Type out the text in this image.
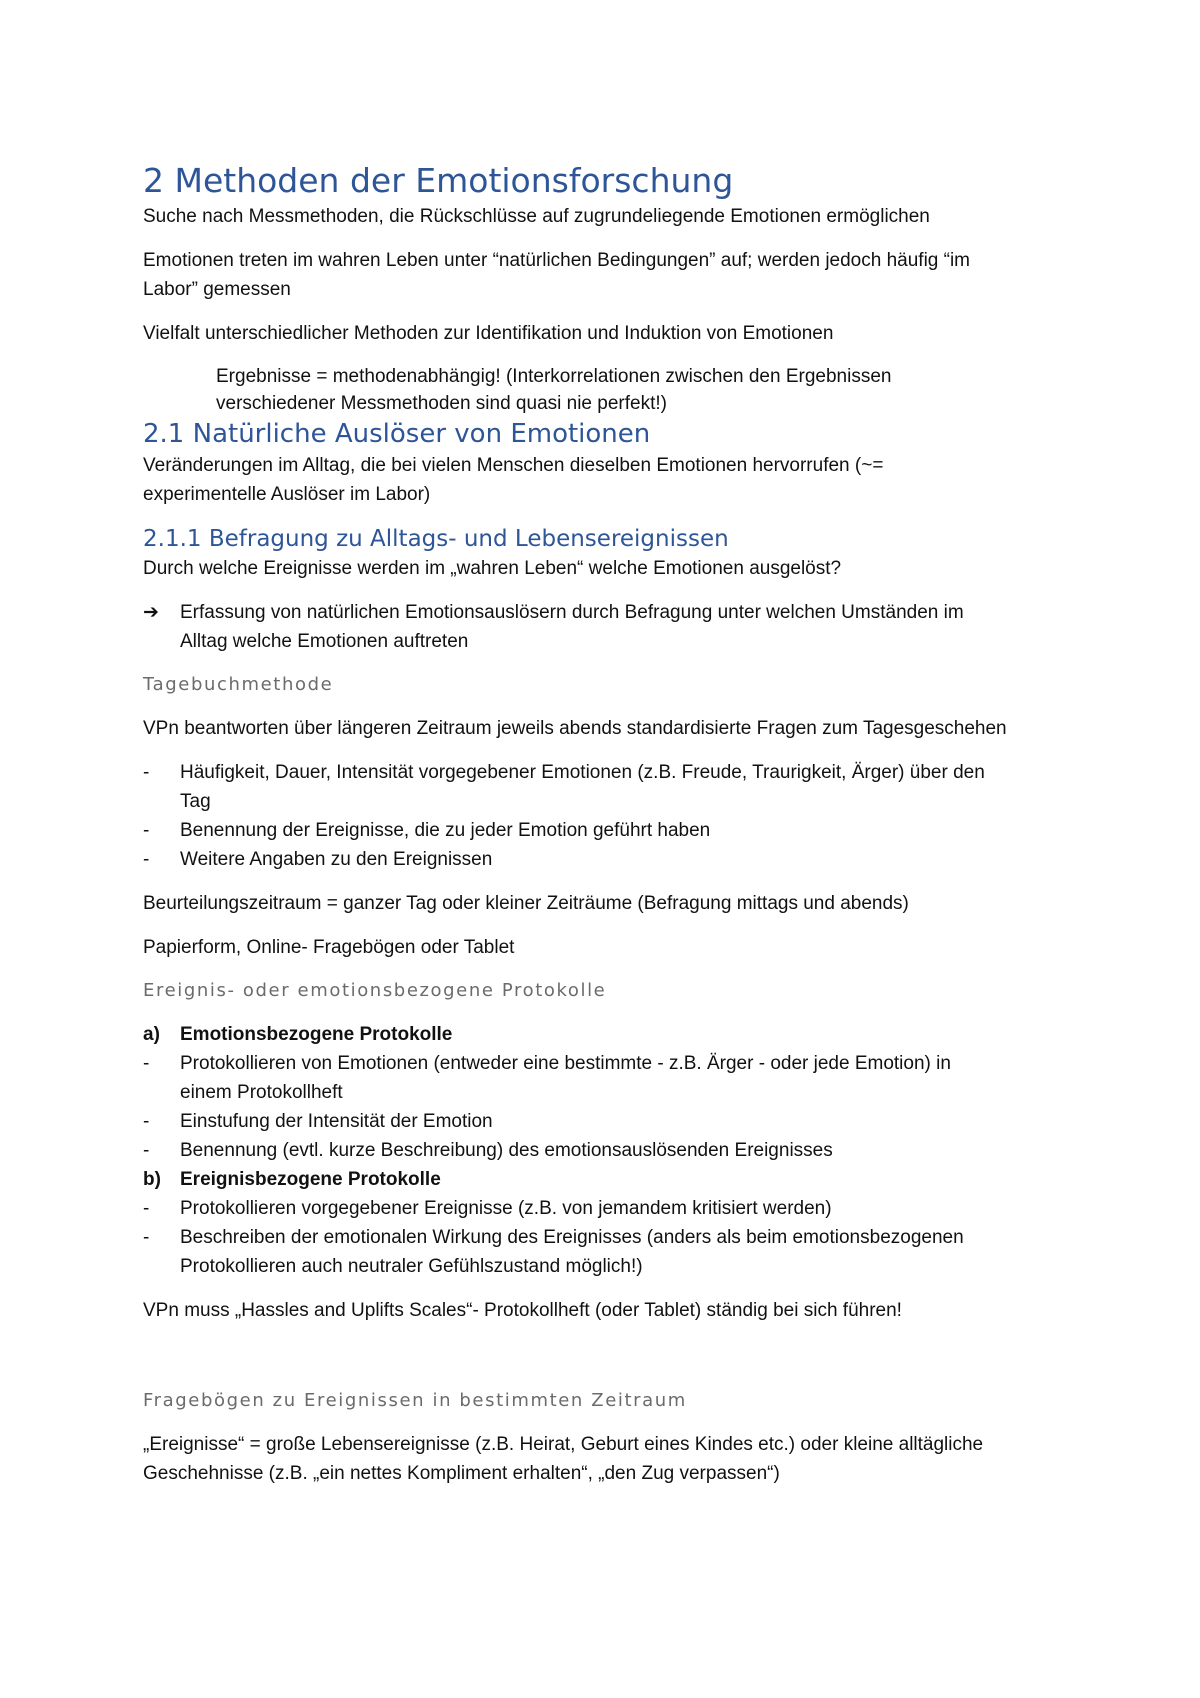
2 Methoden der Emotionsforschung

Suche nach Messmethoden, die Rückschlüsse auf zugrundeliegende Emotionen ermöglichen

Emotionen treten im wahren Leben unter “natürlichen Bedingungen” auf; werden jedoch häufig “im

Labor” gemessen

Vielfalt unterschiedlicher Methoden zur Identifikation und Induktion von Emotionen

Ergebnisse = methodenabhängig! (Interkorrelationen zwischen den Ergebnissen
verschiedener Messmethoden sind quasi nie perfekt!)
2.1 Natürliche Auslöser von Emotionen

Veränderungen im Alltag, die bei vielen Menschen dieselben Emotionen hervorrufen (~=

experimentelle Auslöser im Labor)

2.1.1 Befragung zu Alltags- und Lebensereignissen

Durch welche Ereignisse werden im „wahren Leben“ welche Emotionen ausgelöst?

➔	Erfassung von natürlichen Emotionsauslösern durch Befragung unter welchen Umständen im
Alltag welche Emotionen auftreten
Tagebuchmethode

VPn beantworten über längeren Zeitraum jeweils abends standardisierte Fragen zum Tagesgeschehen

-	Häufigkeit, Dauer, Intensität vorgegebener Emotionen (z.B. Freude, Traurigkeit, Ärger) über den
Tag
-	Benennung der Ereignisse, die zu jeder Emotion geführt haben
-	Weitere Angaben zu den Ereignissen

Beurteilungszeitraum = ganzer Tag oder kleiner Zeiträume (Befragung mittags und abends)

Papierform, Online- Fragebögen oder Tablet

Ereignis- oder emotionsbezogene Protokolle
a)	Emotionsbezogene Protokolle
-	Protokollieren von Emotionen (entweder eine bestimmte - z.B. Ärger - oder jede Emotion) in
einem Protokollheft
-	Einstufung der Intensität der Emotion
-	Benennung (evtl. kurze Beschreibung) des emotionsauslösenden Ereignisses
b)	Ereignisbezogene Protokolle
-	Protokollieren vorgegebener Ereignisse (z.B. von jemandem kritisiert werden)
-	Beschreiben der emotionalen Wirkung des Ereignisses (anders als beim emotionsbezogenen
Protokollieren auch neutraler Gefühlszustand möglich!)

VPn muss „Hassles and Uplifts Scales“- Protokollheft (oder Tablet) ständig bei sich führen!

Fragebögen zu Ereignissen in bestimmten Zeitraum

„Ereignisse“ = große Lebensereignisse (z.B. Heirat, Geburt eines Kindes etc.) oder kleine alltägliche

Geschehnisse (z.B. „ein nettes Kompliment erhalten“, „den Zug verpassen“)
